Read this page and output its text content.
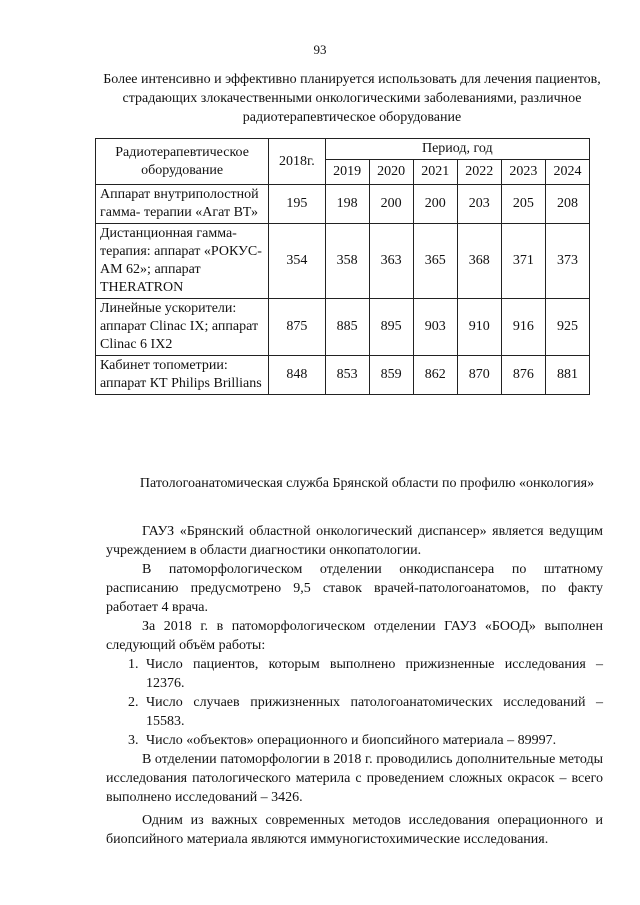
93
Более интенсивно и эффективно планируется использовать для лечения пациентов, страдающих злокачественными онкологическими заболеваниями, различное радиотерапевтическое оборудование
Радиотерапевтическое оборудование	2018г.	Период, год					
		2019	2020	2021	2022	2023	2024
Аппарат внутриполостной гамма- терапии «Агат ВТ»	195	198	200	200	203	205	208
Дистанционная гамма-терапия: аппарат «РОКУС-АМ 62»; аппарат THERATRON	354	358	363	365	368	371	373
Линейные ускорители: аппарат Clinac IX; аппарат Clinac 6 IX2	875	885	895	903	910	916	925
Кабинет топометрии: аппарат КТ Philips Brillians	848	853	859	862	870	876	881
Патологоанатомическая служба Брянской области по профилю «онкология»

ГАУЗ «Брянский областной онкологический диспансер» является ведущим учреждением в области диагностики онкопатологии.

В патоморфологическом отделении онкодиспансера по штатному расписанию предусмотрено 9,5 ставок врачей-патологоанатомов, по факту работает 4 врача.

За 2018 г. в патоморфологическом отделении ГАУЗ «БООД» выполнен следующий объём работы:

1. Число пациентов, которым выполнено прижизненные исследования – 12376.
2. Число случаев прижизненных патологоанатомических исследований – 15583.
3. Число «объектов» операционного и биопсийного материала – 89997.

В отделении патоморфологии в 2018 г. проводились дополнительные методы исследования патологического материла с проведением сложных окрасок – всего выполнено исследований – 3426.

Одним из важных современных методов исследования операционного и биопсийного материала являются иммуногистохимические исследования.
